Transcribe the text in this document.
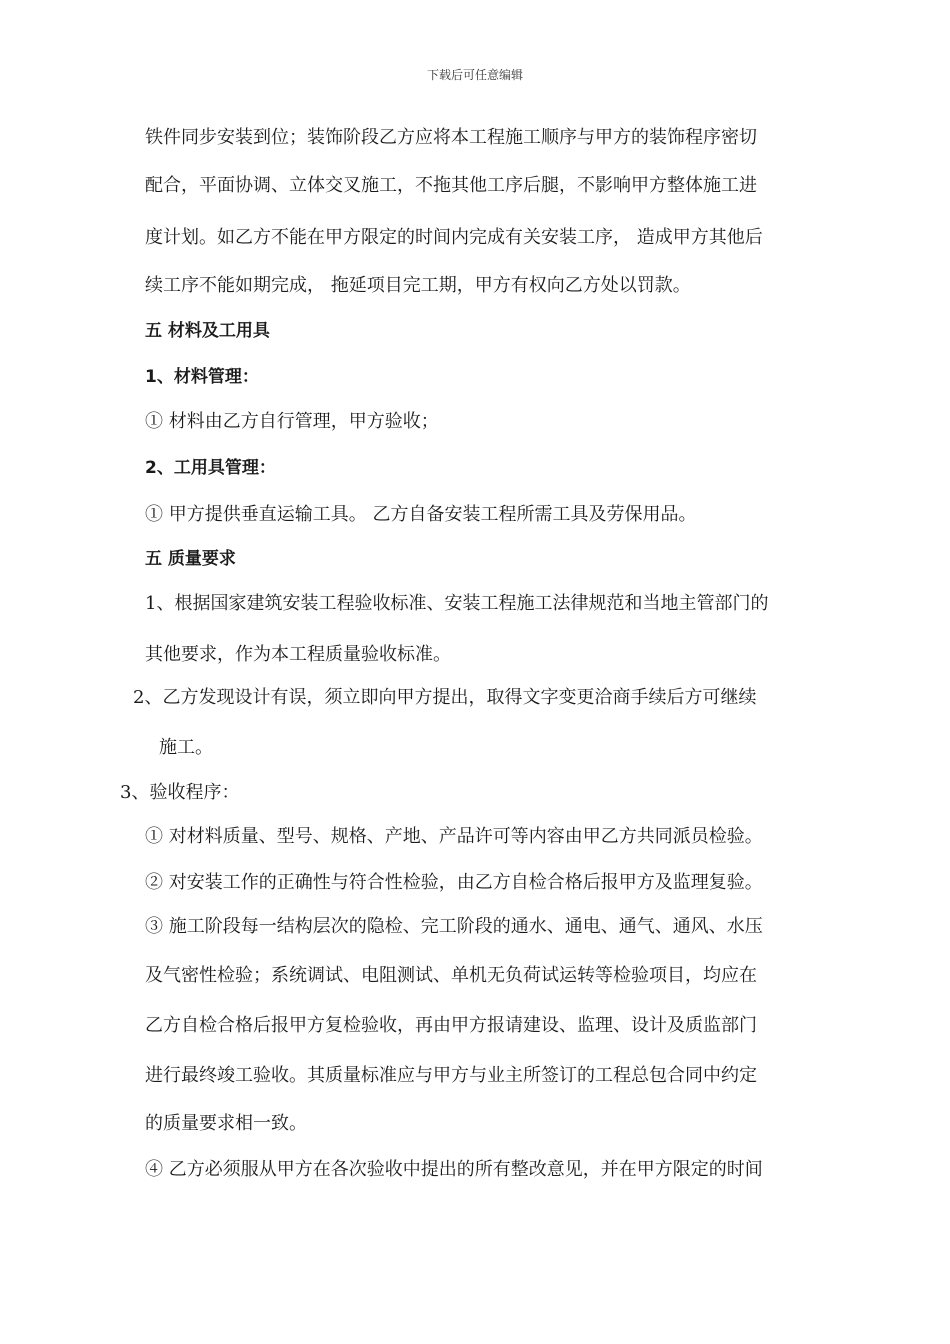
下载后可任意编辑
铁件同步安装到位；装饰阶段乙方应将本工程施工顺序与甲方的装饰程序密切
配合，平面协调、立体交叉施工，不拖其他工序后腿，不影响甲方整体施工进
度计划。如乙方不能在甲方限定的时间内完成有关安装工序， 造成甲方其他后
续工序不能如期完成， 拖延项目完工期，甲方有权向乙方处以罚款。
五 材料及工用具
1、材料管理：
① 材料由乙方自行管理，甲方验收；
2、工用具管理：
① 甲方提供垂直运输工具。 乙方自备安装工程所需工具及劳保用品。
五 质量要求
1、根据国家建筑安装工程验收标准、安装工程施工法律规范和当地主管部门的
其他要求，作为本工程质量验收标准。
2、乙方发现设计有误，须立即向甲方提出，取得文字变更洽商手续后方可继续
施工。
3、验收程序：
① 对材料质量、型号、规格、产地、产品许可等内容由甲乙方共同派员检验。
② 对安装工作的正确性与符合性检验，由乙方自检合格后报甲方及监理复验。
③ 施工阶段每一结构层次的隐检、完工阶段的通水、通电、通气、通风、水压
及气密性检验；系统调试、电阻测试、单机无负荷试运转等检验项目，均应在
乙方自检合格后报甲方复检验收，再由甲方报请建设、监理、设计及质监部门
进行最终竣工验收。其质量标准应与甲方与业主所签订的工程总包合同中约定
的质量要求相一致。
④ 乙方必须服从甲方在各次验收中提出的所有整改意见，并在甲方限定的时间
